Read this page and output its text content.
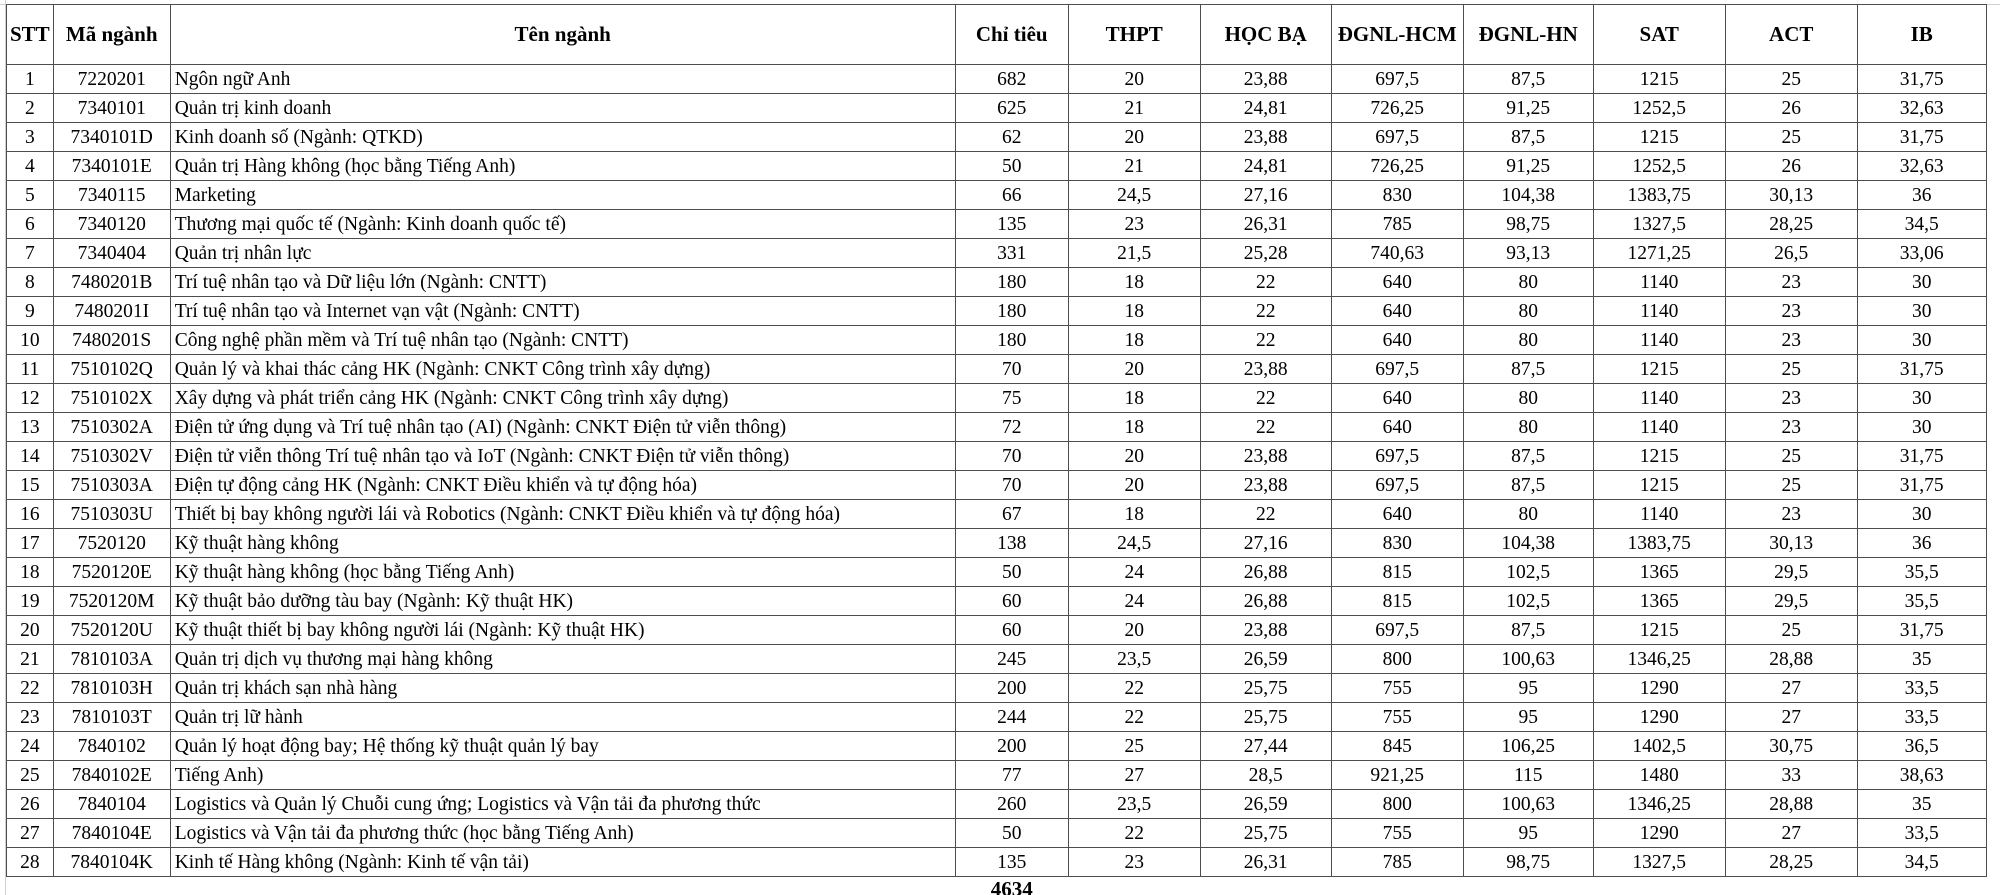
STT	Mã ngành	Tên ngành	Chỉ tiêu	THPT	HỌC BẠ	ĐGNL-HCM	ĐGNL-HN	SAT	ACT	IB
1	7220201	Ngôn ngữ Anh	682	20	23,88	697,5	87,5	1215	25	31,75
2	7340101	Quản trị kinh doanh	625	21	24,81	726,25	91,25	1252,5	26	32,63
3	7340101D	Kinh doanh số (Ngành: QTKD)	62	20	23,88	697,5	87,5	1215	25	31,75
4	7340101E	Quản trị Hàng không (học bằng Tiếng Anh)	50	21	24,81	726,25	91,25	1252,5	26	32,63
5	7340115	Marketing	66	24,5	27,16	830	104,38	1383,75	30,13	36
6	7340120	Thương mại quốc tế (Ngành: Kinh doanh quốc tế)	135	23	26,31	785	98,75	1327,5	28,25	34,5
7	7340404	Quản trị nhân lực	331	21,5	25,28	740,63	93,13	1271,25	26,5	33,06
8	7480201B	Trí tuệ nhân tạo và Dữ liệu lớn (Ngành: CNTT)	180	18	22	640	80	1140	23	30
9	7480201I	Trí tuệ nhân tạo và Internet vạn vật (Ngành: CNTT)	180	18	22	640	80	1140	23	30
10	7480201S	Công nghệ phần mềm và Trí tuệ nhân tạo (Ngành: CNTT)	180	18	22	640	80	1140	23	30
11	7510102Q	Quản lý và khai thác cảng HK (Ngành: CNKT Công trình xây dựng)	70	20	23,88	697,5	87,5	1215	25	31,75
12	7510102X	Xây dựng và phát triển cảng HK (Ngành: CNKT Công trình xây dựng)	75	18	22	640	80	1140	23	30
13	7510302A	Điện tử ứng dụng và Trí tuệ nhân tạo (AI) (Ngành: CNKT Điện tử viễn thông)	72	18	22	640	80	1140	23	30
14	7510302V	Điện tử viễn thông Trí tuệ nhân tạo và IoT (Ngành: CNKT Điện tử viễn thông)	70	20	23,88	697,5	87,5	1215	25	31,75
15	7510303A	Điện tự động cảng HK (Ngành: CNKT Điều khiển và tự động hóa)	70	20	23,88	697,5	87,5	1215	25	31,75
16	7510303U	Thiết bị bay không người lái và Robotics (Ngành: CNKT Điều khiển và tự động hóa)	67	18	22	640	80	1140	23	30
17	7520120	Kỹ thuật hàng không	138	24,5	27,16	830	104,38	1383,75	30,13	36
18	7520120E	Kỹ thuật hàng không (học bằng Tiếng Anh)	50	24	26,88	815	102,5	1365	29,5	35,5
19	7520120M	Kỹ thuật bảo dưỡng tàu bay (Ngành: Kỹ thuật HK)	60	24	26,88	815	102,5	1365	29,5	35,5
20	7520120U	Kỹ thuật thiết bị bay không người lái (Ngành: Kỹ thuật HK)	60	20	23,88	697,5	87,5	1215	25	31,75
21	7810103A	Quản trị dịch vụ thương mại hàng không	245	23,5	26,59	800	100,63	1346,25	28,88	35
22	7810103H	Quản trị khách sạn nhà hàng	200	22	25,75	755	95	1290	27	33,5
23	7810103T	Quản trị lữ hành	244	22	25,75	755	95	1290	27	33,5
24	7840102	Quản lý hoạt động bay; Hệ thống kỹ thuật quản lý bay	200	25	27,44	845	106,25	1402,5	30,75	36,5
25	7840102E	Tiếng Anh)	77	27	28,5	921,25	115	1480	33	38,63
26	7840104	Logistics và Quản lý Chuỗi cung ứng; Logistics và Vận tải đa phương thức	260	23,5	26,59	800	100,63	1346,25	28,88	35
27	7840104E	Logistics và Vận tải đa phương thức (học bằng Tiếng Anh)	50	22	25,75	755	95	1290	27	33,5
28	7840104K	Kinh tế Hàng không (Ngành: Kinh tế vận tải)	135	23	26,31	785	98,75	1327,5	28,25	34,5
			4634							
